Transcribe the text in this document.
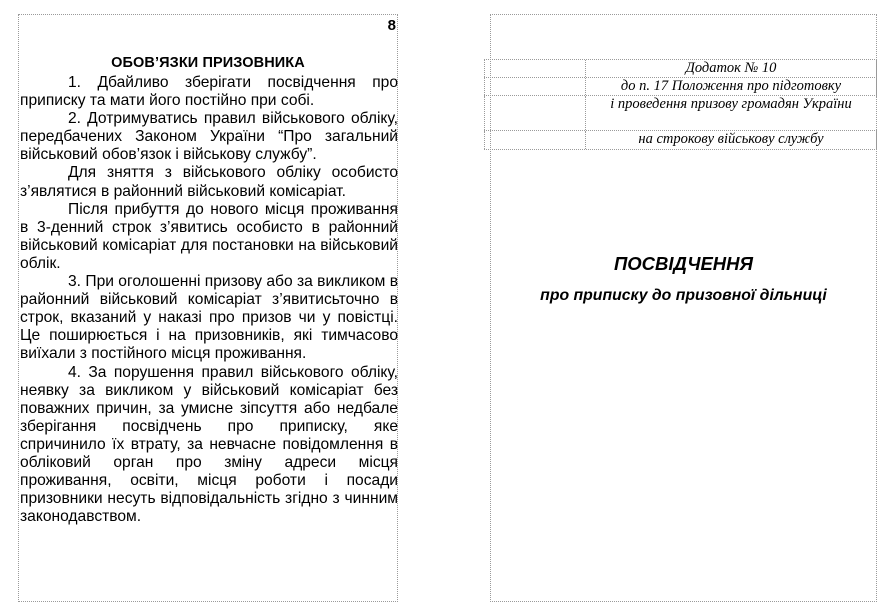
8
ОБОВ’ЯЗКИ ПРИЗОВНИКА

1. Дбайливо зберігати посвідчення про приписку та мати його постійно при собі.

2. Дотримуватись правил військового обліку, передбачених Законом України “Про загальний військовий обов’язок і військову службу”.

Для зняття з військового обліку особисто з’являтися в районний військовий комісаріат.

Після прибуття до нового місця проживання в 3-денний строк з’явитись особисто в районний військовий комісаріат для постановки на військовий облік.

3. При оголошенні призову або за викликом в районний військовий комісаріат з’явитисьточно в строк, вказаний у наказі про призов чи у повістці. Це поширюється і на призовників, які тимчасово виїхали з постійного місця проживання.

4. За порушення правил військового обліку, неявку за викликом у військовий комісаріат без поважних причин, за умисне зіпсуття або недбале зберігання посвідчень про приписку, яке спричинило їх втрату, за невчасне повідомлення в обліковий орган про зміну адреси місця проживання, освіти, місця роботи і посади призовники несуть відповідальність згідно з чинним законодавством.

Додаток № 10
до п. 17 Положення про підготовку
і проведення призову громадян України
на строкову військову службу
ПОСВІДЧЕННЯ
про приписку до призовної дільниці
